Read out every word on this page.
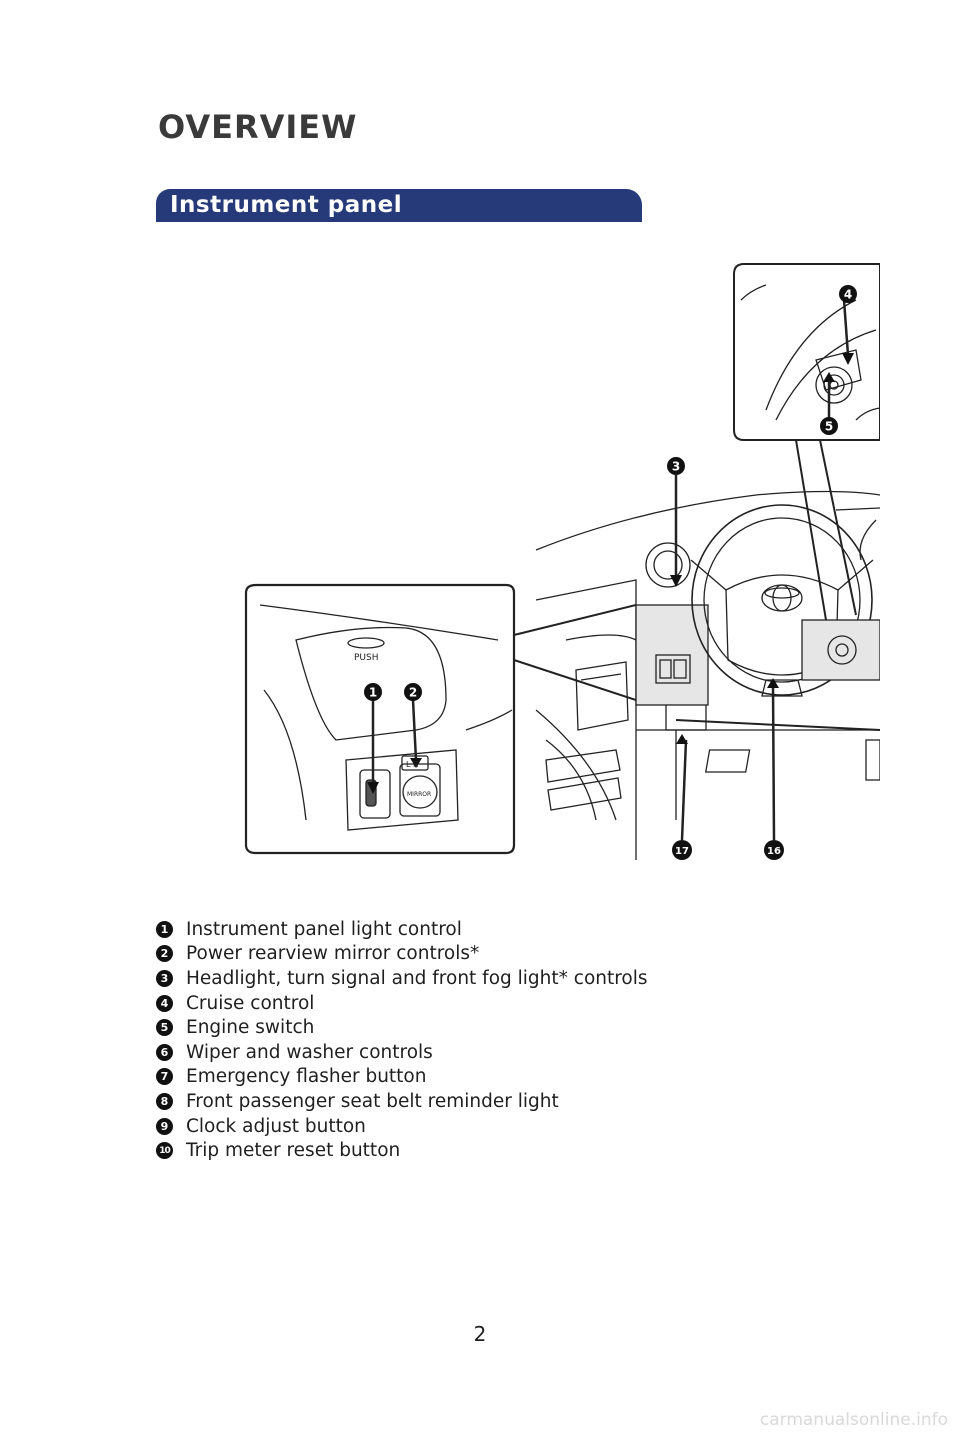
OVERVIEW
Instrument panel
1	2
3
4
5
16
17
PUSH
MIRROR
L R
1 Instrument panel light control
2 Power rearview mirror controls*
3 Headlight, turn signal and front fog light* controls
4 Cruise control
5 Engine switch
6 Wiper and washer controls
7 Emergency flasher button
8 Front passenger seat belt reminder light
9 Clock adjust button
10 Trip meter reset button
2
carmanualsonline.info
